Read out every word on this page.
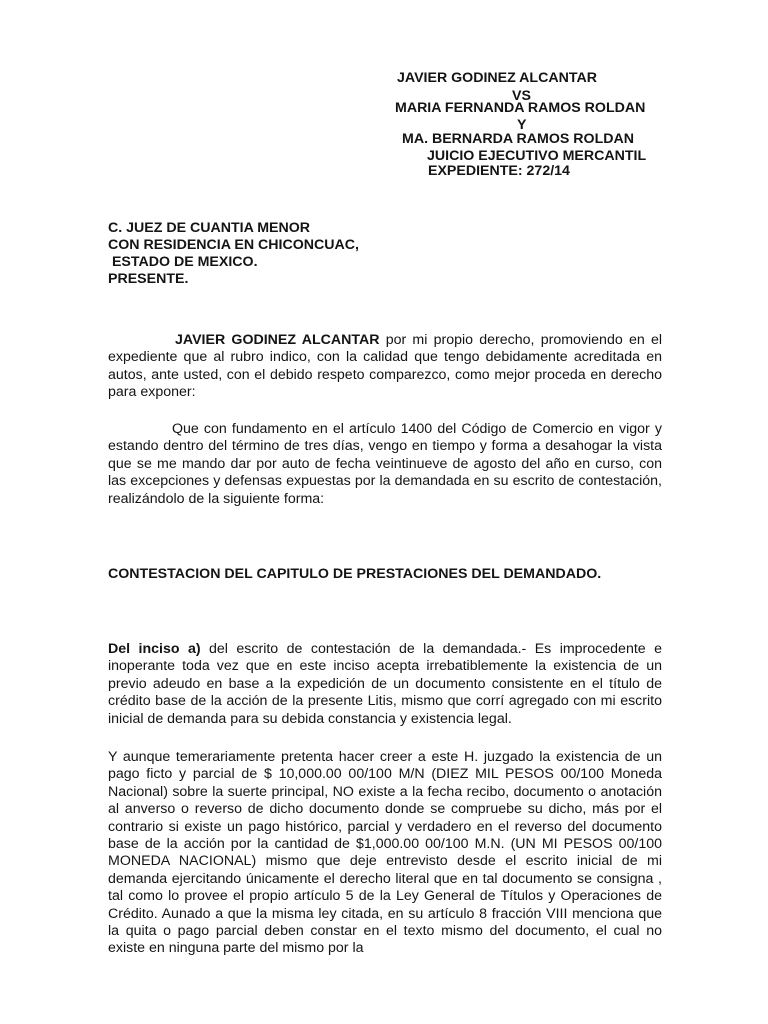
JAVIER GODINEZ ALCANTAR
VS
MARIA FERNANDA RAMOS ROLDAN
Y
MA. BERNARDA RAMOS ROLDAN
JUICIO EJECUTIVO MERCANTIL
EXPEDIENTE: 272/14
C. JUEZ DE CUANTIA MENOR
CON RESIDENCIA EN CHICONCUAC,
ESTADO DE MEXICO.
PRESENTE.

JAVIER GODINEZ ALCANTAR por mi propio derecho, promoviendo en el expediente que al rubro indico, con la calidad que tengo debidamente acreditada en autos, ante usted, con el debido respeto comparezco, como mejor proceda en derecho para exponer:

Que con fundamento en el artículo 1400 del Código de Comercio en vigor y estando dentro del término de tres días, vengo en tiempo y forma a desahogar la vista que se me mando dar por auto de fecha veintinueve de agosto del año en curso, con las excepciones y defensas expuestas por la demandada en su escrito de contestación, realizándolo de la siguiente forma:

CONTESTACION DEL CAPITULO DE PRESTACIONES DEL DEMANDADO.

Del inciso a) del escrito de contestación de la demandada.- Es improcedente e inoperante toda vez que en este inciso acepta irrebatiblemente la existencia de un previo adeudo en base a la expedición de un documento consistente en el título de crédito base de la acción de la presente Litis, mismo que corrí agregado con mi escrito inicial de demanda para su debida constancia y existencia legal.

Y aunque temerariamente pretenta hacer creer a este H. juzgado la existencia de un pago ficto y parcial de $ 10,000.00 00/100 M/N (DIEZ MIL PESOS 00/100 Moneda Nacional) sobre la suerte principal, NO existe a la fecha recibo, documento o anotación al anverso o reverso de dicho documento donde se compruebe su dicho, más por el contrario si existe un pago histórico, parcial y verdadero en el reverso del documento base de la acción por la cantidad de $1,000.00 00/100 M.N. (UN MI PESOS 00/100 MONEDA NACIONAL) mismo que deje entrevisto desde el escrito inicial de mi demanda ejercitando únicamente el derecho literal que en tal documento se consigna , tal como lo provee el propio artículo 5 de la Ley General de Títulos y Operaciones de Crédito. Aunado a que la misma ley citada, en su artículo 8 fracción VIII menciona que la quita o pago parcial deben constar en el texto mismo del documento, el cual no existe en ninguna parte del mismo por la
